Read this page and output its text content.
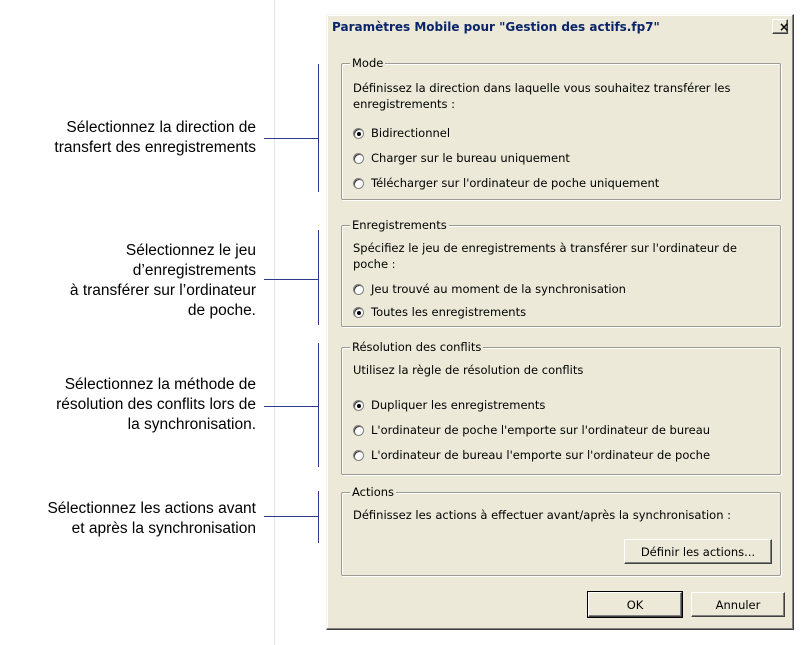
Sélectionnez la direction de
transfert des enregistrements
Sélectionnez le jeu
d’enregistrements
à transférer sur l’ordinateur
de poche.
Sélectionnez la méthode de
résolution des conflits lors de
la synchronisation.
Sélectionnez les actions avant
et après la synchronisation
Paramètres Mobile pour "Gestion des actifs.fp7"	×
Mode
Définissez la direction dans laquelle vous souhaitez transférer les enregistrements :
Bidirectionnel
Charger sur le bureau uniquement
Télécharger sur l'ordinateur de poche uniquement
Enregistrements
Spécifiez le jeu de enregistrements à transférer sur l'ordinateur de poche :
Jeu trouvé au moment de la synchronisation
Toutes les enregistrements
Résolution des conflits
Utilisez la règle de résolution de conflits
Dupliquer les enregistrements
L'ordinateur de poche l'emporte sur l'ordinateur de bureau
L'ordinateur de bureau l'emporte sur l'ordinateur de poche
Actions
Définissez les actions à effectuer avant/après la synchronisation :
Définir les actions...
OK	Annuler
